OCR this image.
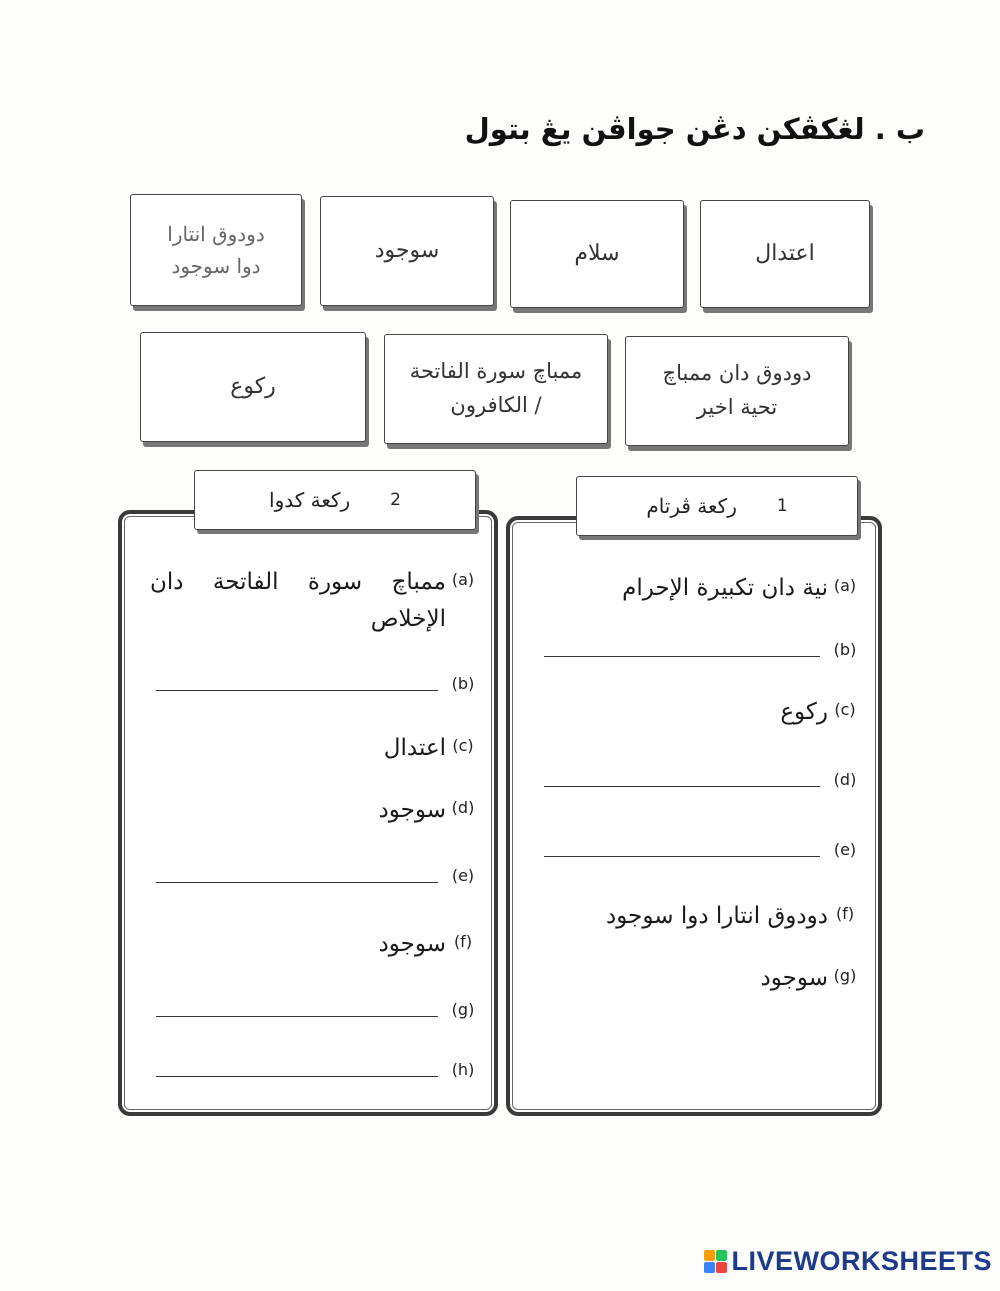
ب . لڠكڤكن دڠن جواڤن يڠ بتول
اعتدال
سلام
سوجود
دودوق انتارا
دوا سوجود
دودوق دان ممباچ
تحية اخير
ممباچ سورة الفاتحة
/ الكافرون
ركوع
(a)
نية دان تكبيرة الإحرام
(b)
(c)
ركوع
(d)
(e)
(f)
دودوق انتارا دوا سوجود
(g)
سوجود
1
ركعة ڤرتام
(a)
ممباچ سورة الفاتحة دان الإخلاص
(b)
(c)
اعتدال
(d)
سوجود
(e)
(f)
سوجود
(g)
(h)
2
ركعة كدوا
LIVEWORKSHEETS
